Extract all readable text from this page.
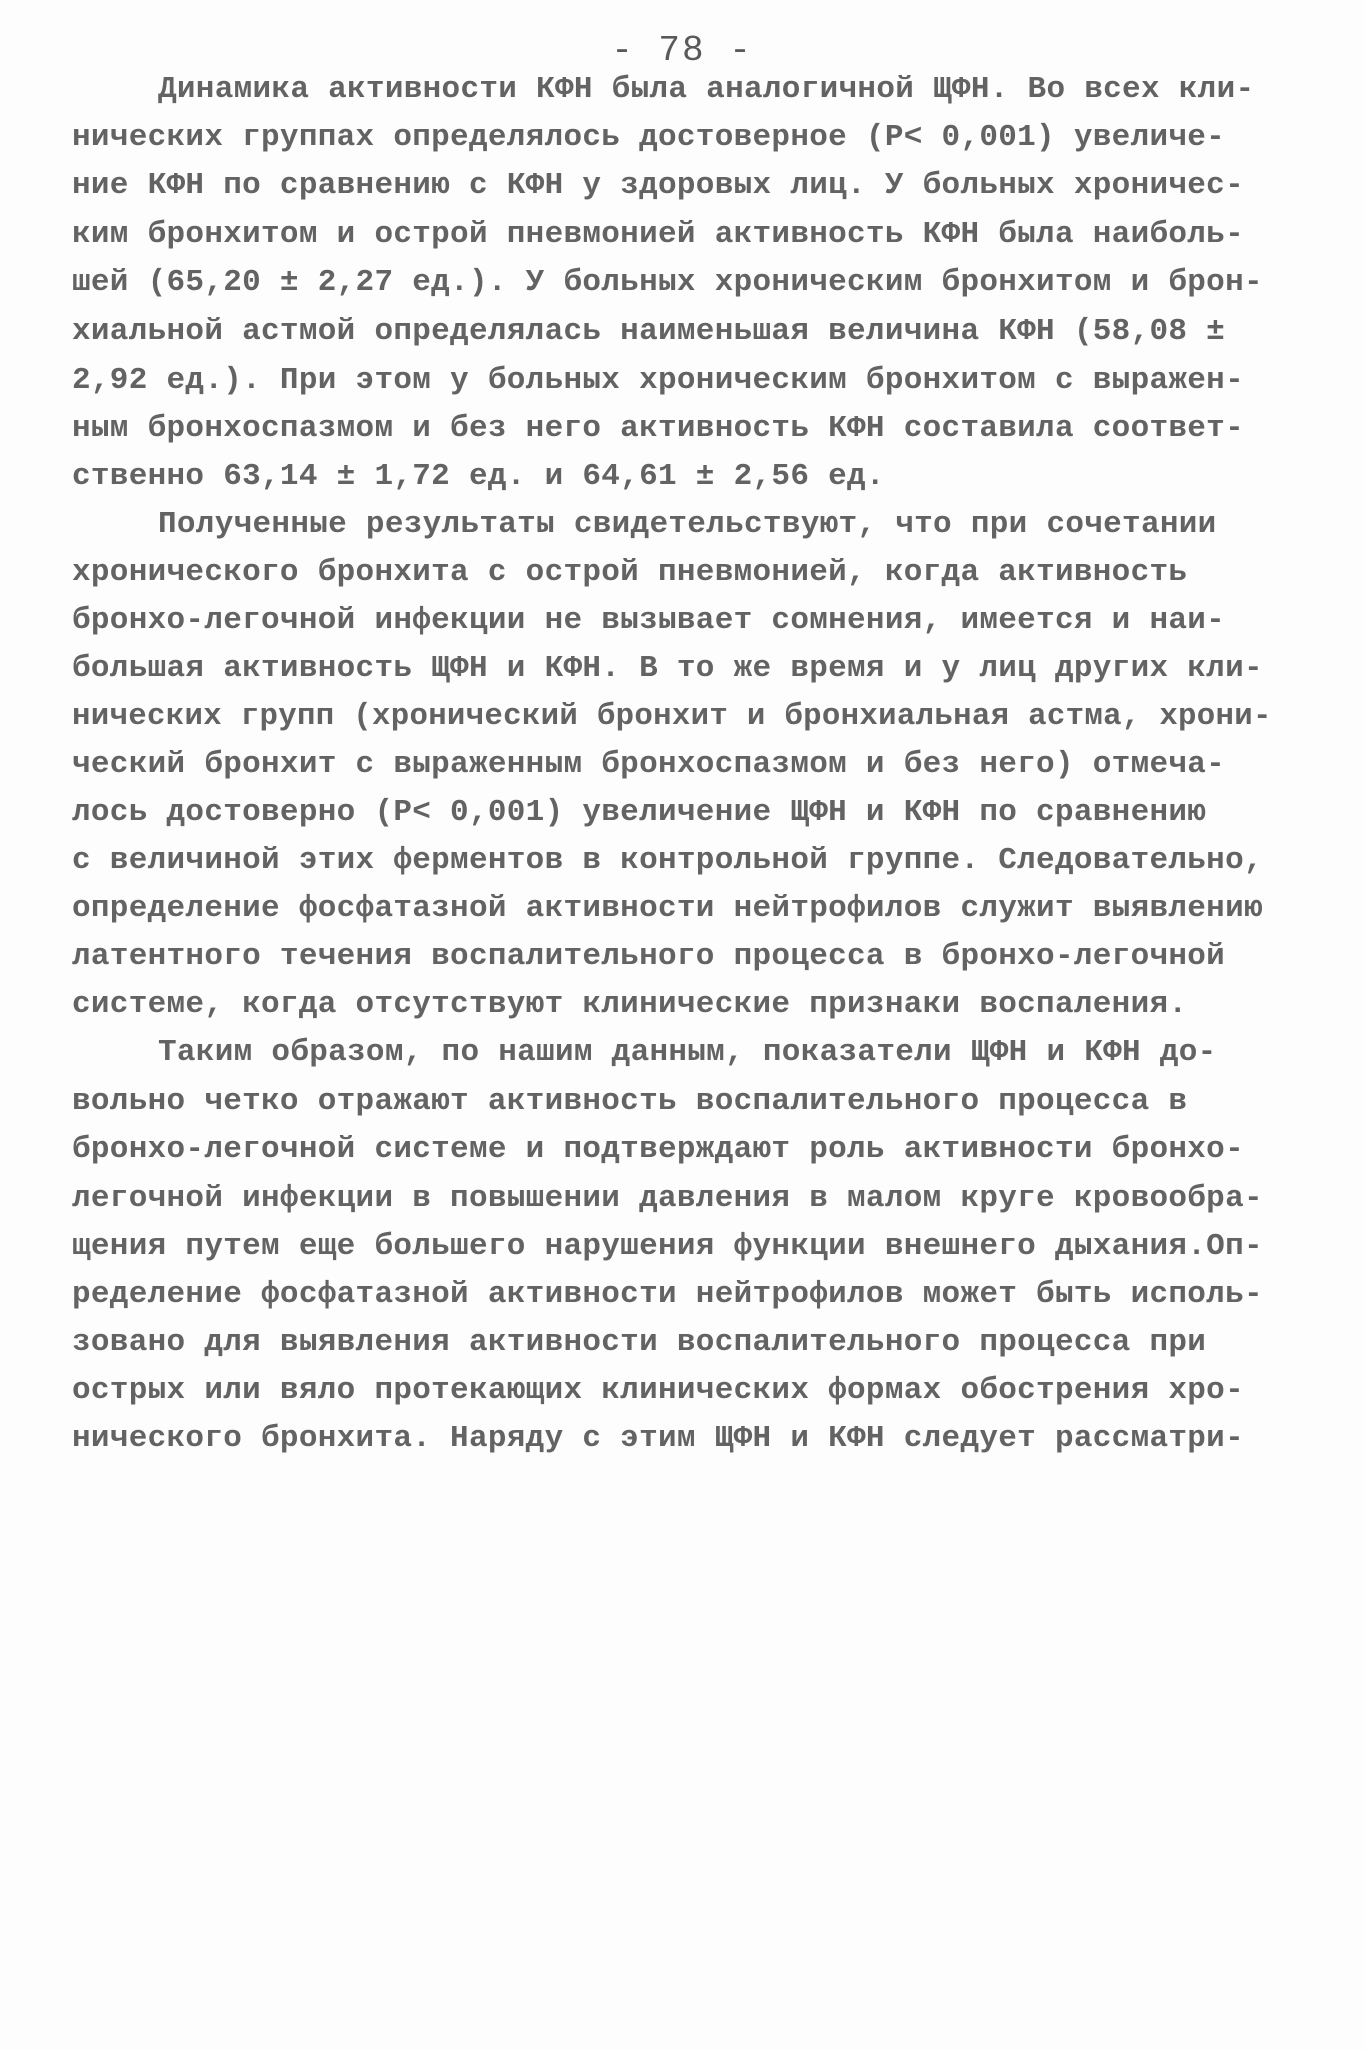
- 78 -
Динамика активности КФН была аналогичной ЩФН. Во всех кли-
нических группах определялось достоверное (Р< 0,001) увеличе-
ние КФН по сравнению с КФН у здоровых лиц. У больных хроничес-
ким бронхитом и острой пневмонией активность КФН была наиболь-
шей (65,20 ± 2,27 ед.). У больных хроническим бронхитом и брон-
хиальной астмой определялась наименьшая величина КФН (58,08 ±
2,92 ед.). При этом у больных хроническим бронхитом с выражен-
ным бронхоспазмом и без него активность КФН составила соответ-
ственно 63,14 ± 1,72 ед. и 64,61 ± 2,56 ед.
Полученные результаты свидетельствуют, что при сочетании
хронического бронхита с острой пневмонией, когда активность
бронхо-легочной инфекции не вызывает сомнения, имеется и наи-
большая активность ЩФН и КФН. В то же время и у лиц других кли-
нических групп (хронический бронхит и бронхиальная астма, хрони-
ческий бронхит с выраженным бронхоспазмом и без него) отмеча-
лось достоверно (Р< 0,001) увеличение ЩФН и КФН по сравнению
с величиной этих ферментов в контрольной группе. Следовательно,
определение фосфатазной активности нейтрофилов служит выявлению
латентного течения воспалительного процесса в бронхо-легочной
системе, когда отсутствуют клинические признаки воспаления.
Таким образом, по нашим данным, показатели ЩФН и КФН до-
вольно четко отражают активность воспалительного процесса в
бронхо-легочной системе и подтверждают роль активности бронхо-
легочной инфекции в повышении давления в малом круге кровообра-
щения путем еще большего нарушения функции внешнего дыхания.Оп-
ределение фосфатазной активности нейтрофилов может быть исполь-
зовано для выявления активности воспалительного процесса при
острых или вяло протекающих клинических формах обострения хро-
нического бронхита. Наряду с этим ЩФН и КФН следует рассматри-
